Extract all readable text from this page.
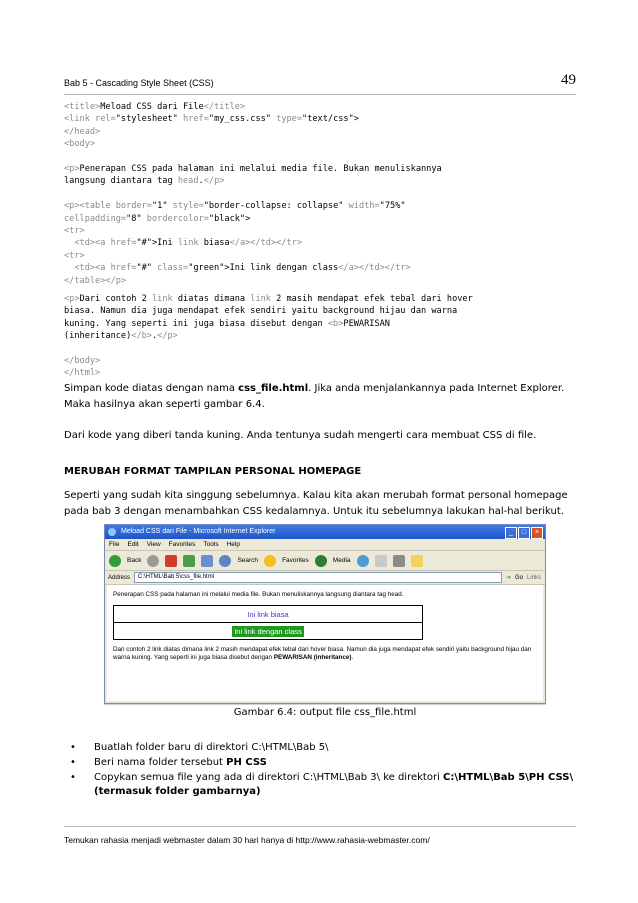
Bab 5 - Cascading Style Sheet (CSS)	49
<title>Meload CSS dari File</title>
<link rel="stylesheet" href="my_css.css" type="text/css">
</head>
<body>

<p>Penerapan CSS pada halaman ini melalui media file. Bukan menuliskannya
langsung diantara tag head.</p>

<p><table border="1" style="border-collapse: collapse" width="75%"
cellpadding="8" bordercolor="black">
<tr>
<td><a href="#">Ini link biasa</a></td></tr>
<tr>
<td><a href="#" class="green">Ini link dengan class</a></td></tr>
</table></p>
<p>Dari contoh 2 link diatas dimana link 2 masih mendapat efek tebal dari hover
biasa. Namun dia juga mendapat efek sendiri yaitu background hijau dan warna
kuning. Yang seperti ini juga biasa disebut dengan <b>PEWARISAN
(inheritance)</b>.</p>

</body>
</html>
Simpan kode diatas dengan nama css_file.html. Jika anda menjalankannya pada Internet Explorer. Maka hasilnya akan seperti gambar 6.4.
Dari kode yang diberi tanda kuning. Anda tentunya sudah mengerti cara membuat CSS di file.
MERUBAH FORMAT TAMPILAN PERSONAL HOMEPAGE
Seperti yang sudah kita singgung sebelumnya. Kalau kita akan merubah format personal homepage pada bab 3 dengan menambahkan CSS kedalamnya. Untuk itu sebelumnya lakukan hal-hal berikut.
Meload CSS dari File - Microsoft Internet Explorer	_	□	×
File Edit View Favorites Tools Help
Back	Search	Favorites	Media
Address	C:\HTML\Bab 5\css_file.html	➜ Go Links

Penerapan CSS pada halaman ini melalui media file. Bukan menuliskannya langsung diantara tag head.

Ini link biasa
Ini link dengan class

Dari contoh 2 link diatas dimana link 2 masih mendapat efek tebal dari hover biasa. Namun dia juga mendapat efek sendiri yaitu background hijau dan warna kuning. Yang seperti ini juga biasa disebut dengan PEWARISAN (inheritance).

Gambar 6.4: output file css_file.html
• Buatlah folder baru di direktori C:\HTML\Bab 5\
• Beri nama folder tersebut PH CSS
• Copykan semua file yang ada di direktori C:\HTML\Bab 3\ ke direktori C:\HTML\Bab 5\PH CSS\ (termasuk folder gambarnya)
Temukan rahasia menjadi webmaster dalam 30 hari hanya di http://www.rahasia-webmaster.com/
